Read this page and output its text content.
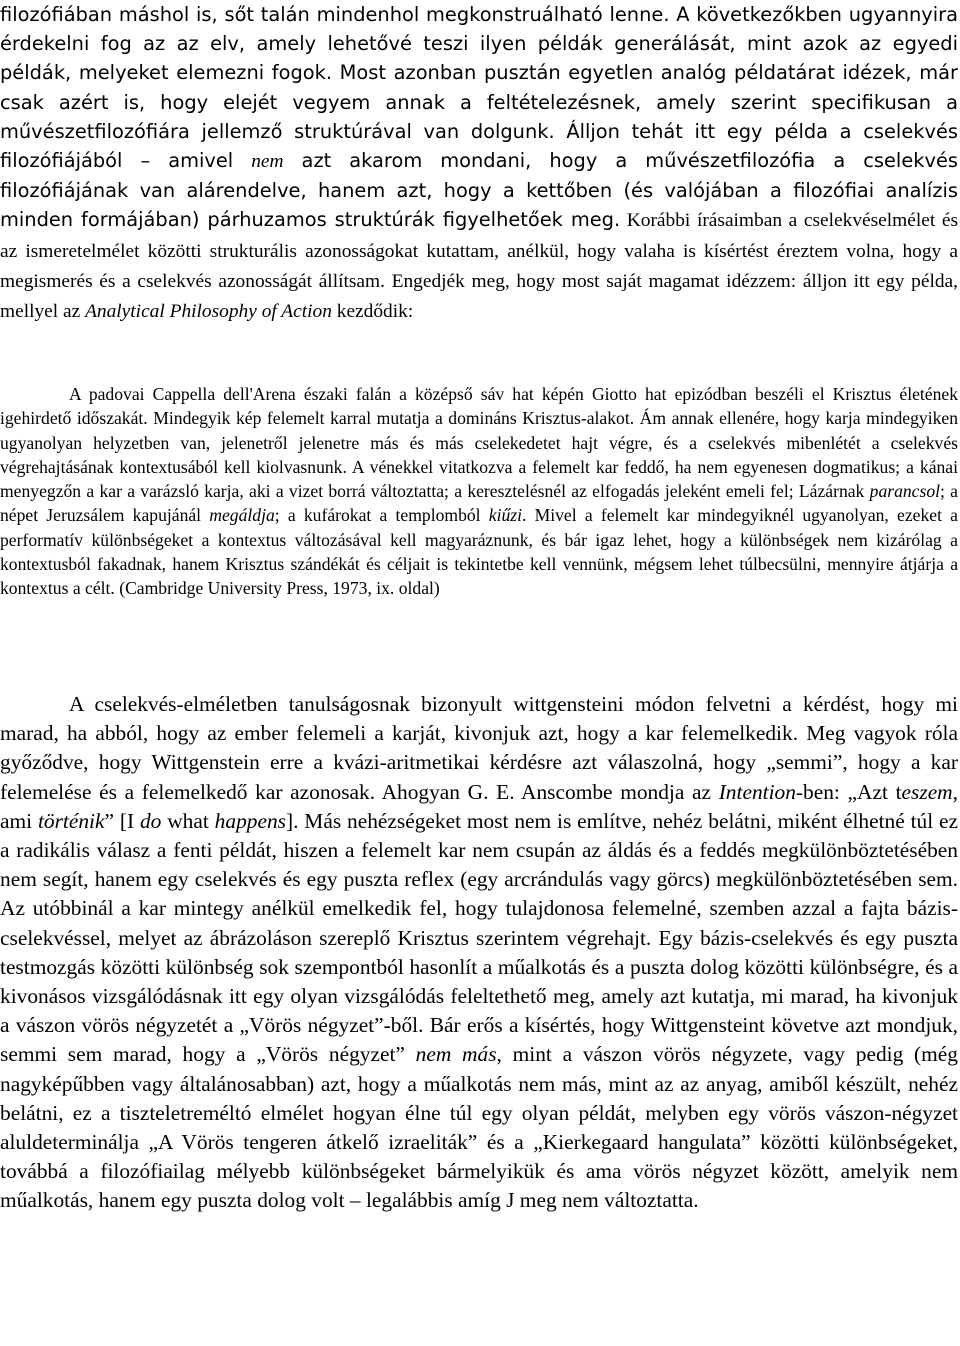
filozófiában máshol is, sőt talán mindenhol megkonstruálható lenne. A következőkben ugyannyira érdekelni fog az az elv, amely lehetővé teszi ilyen példák generálását, mint azok az egyedi példák, melyeket elemezni fogok. Most azonban pusztán egyetlen analóg példatárat idézek, már csak azért is, hogy elejét vegyem annak a feltételezésnek, amely szerint specifikusan a művészetfilozófiára jellemző struktúrával van dolgunk. Álljon tehát itt egy példa a cselekvés filozófiájából – amivel nem azt akarom mondani, hogy a művészetfilozófia a cselekvés filozófiájának van alárendelve, hanem azt, hogy a kettőben (és valójában a filozófiai analízis minden formájában) párhuzamos struktúrák figyelhetőek meg. Korábbi írásaimban a cselekvéselmélet és az ismeretelmélet közötti strukturális azonosságokat kutattam, anélkül, hogy valaha is kísértést éreztem volna, hogy a megismerés és a cselekvés azonosságát állítsam. Engedjék meg, hogy most saját magamat idézzem: álljon itt egy példa, mellyel az Analytical Philosophy of Action kezdődik:

A padovai Cappella dell'Arena északi falán a középső sáv hat képén Giotto hat epizódban beszéli el Krisztus életének igehirdető időszakát. Mindegyik kép felemelt karral mutatja a domináns Krisztus-alakot. Ám annak ellenére, hogy karja mindegyiken ugyanolyan helyzetben van, jelenetről jelenetre más és más cselekedetet hajt végre, és a cselekvés mibenlétét a cselekvés végrehajtásának kontextusából kell kiolvasnunk. A vénekkel vitatkozva a felemelt kar feddő, ha nem egyenesen dogmatikus; a kánai menyegzőn a kar a varázsló karja, aki a vizet borrá változtatta; a keresztelésnél az elfogadás jeleként emeli fel; Lázárnak parancsol; a népet Jeruzsálem kapujánál megáldja; a kufárokat a templomból kiűzi. Mivel a felemelt kar mindegyiknél ugyanolyan, ezeket a performatív különbségeket a kontextus változásával kell magyaráznunk, és bár igaz lehet, hogy a különbségek nem kizárólag a kontextusból fakadnak, hanem Krisztus szándékát és céljait is tekintetbe kell vennünk, mégsem lehet túlbecsülni, mennyire átjárja a kontextus a célt. (Cambridge University Press, 1973, ix. oldal)

A cselekvés-elméletben tanulságosnak bizonyult wittgensteini módon felvetni a kérdést, hogy mi marad, ha abból, hogy az ember felemeli a karját, kivonjuk azt, hogy a kar felemelkedik. Meg vagyok róla győződve, hogy Wittgenstein erre a kvázi-aritmetikai kérdésre azt válaszolná, hogy „semmi”, hogy a kar felemelése és a felemelkedő kar azonosak. Ahogyan G. E. Anscombe mondja az Intention-ben: „Azt teszem, ami történik” [I do what happens]. Más nehézségeket most nem is említve, nehéz belátni, miként élhetné túl ez a radikális válasz a fenti példát, hiszen a felemelt kar nem csupán az áldás és a feddés megkülönböztetésében nem segít, hanem egy cselekvés és egy puszta reflex (egy arcrándulás vagy görcs) megkülönböztetésében sem. Az utóbbinál a kar mintegy anélkül emelkedik fel, hogy tulajdonosa felemelné, szemben azzal a fajta bázis-cselekvéssel, melyet az ábrázoláson szereplő Krisztus szerintem végrehajt. Egy bázis-cselekvés és egy puszta testmozgás közötti különbség sok szempontból hasonlít a műalkotás és a puszta dolog közötti különbségre, és a kivonásos vizsgálódásnak itt egy olyan vizsgálódás feleltethető meg, amely azt kutatja, mi marad, ha kivonjuk a vászon vörös négyzetét a „Vörös négyzet”-ből. Bár erős a kísértés, hogy Wittgensteint követve azt mondjuk, semmi sem marad, hogy a „Vörös négyzet” nem más, mint a vászon vörös négyzete, vagy pedig (még nagyképűbben vagy általánosabban) azt, hogy a műalkotás nem más, mint az az anyag, amiből készült, nehéz belátni, ez a tiszteletreméltó elmélet hogyan élne túl egy olyan példát, melyben egy vörös vászon-négyzet aluldeterminálja „A Vörös tengeren átkelő izraeliták” és a „Kierkegaard hangulata” közötti különbségeket, továbbá a filozófiailag mélyebb különbségeket bármelyikük és ama vörös négyzet között, amelyik nem műalkotás, hanem egy puszta dolog volt – legalábbis amíg J meg nem változtatta.
